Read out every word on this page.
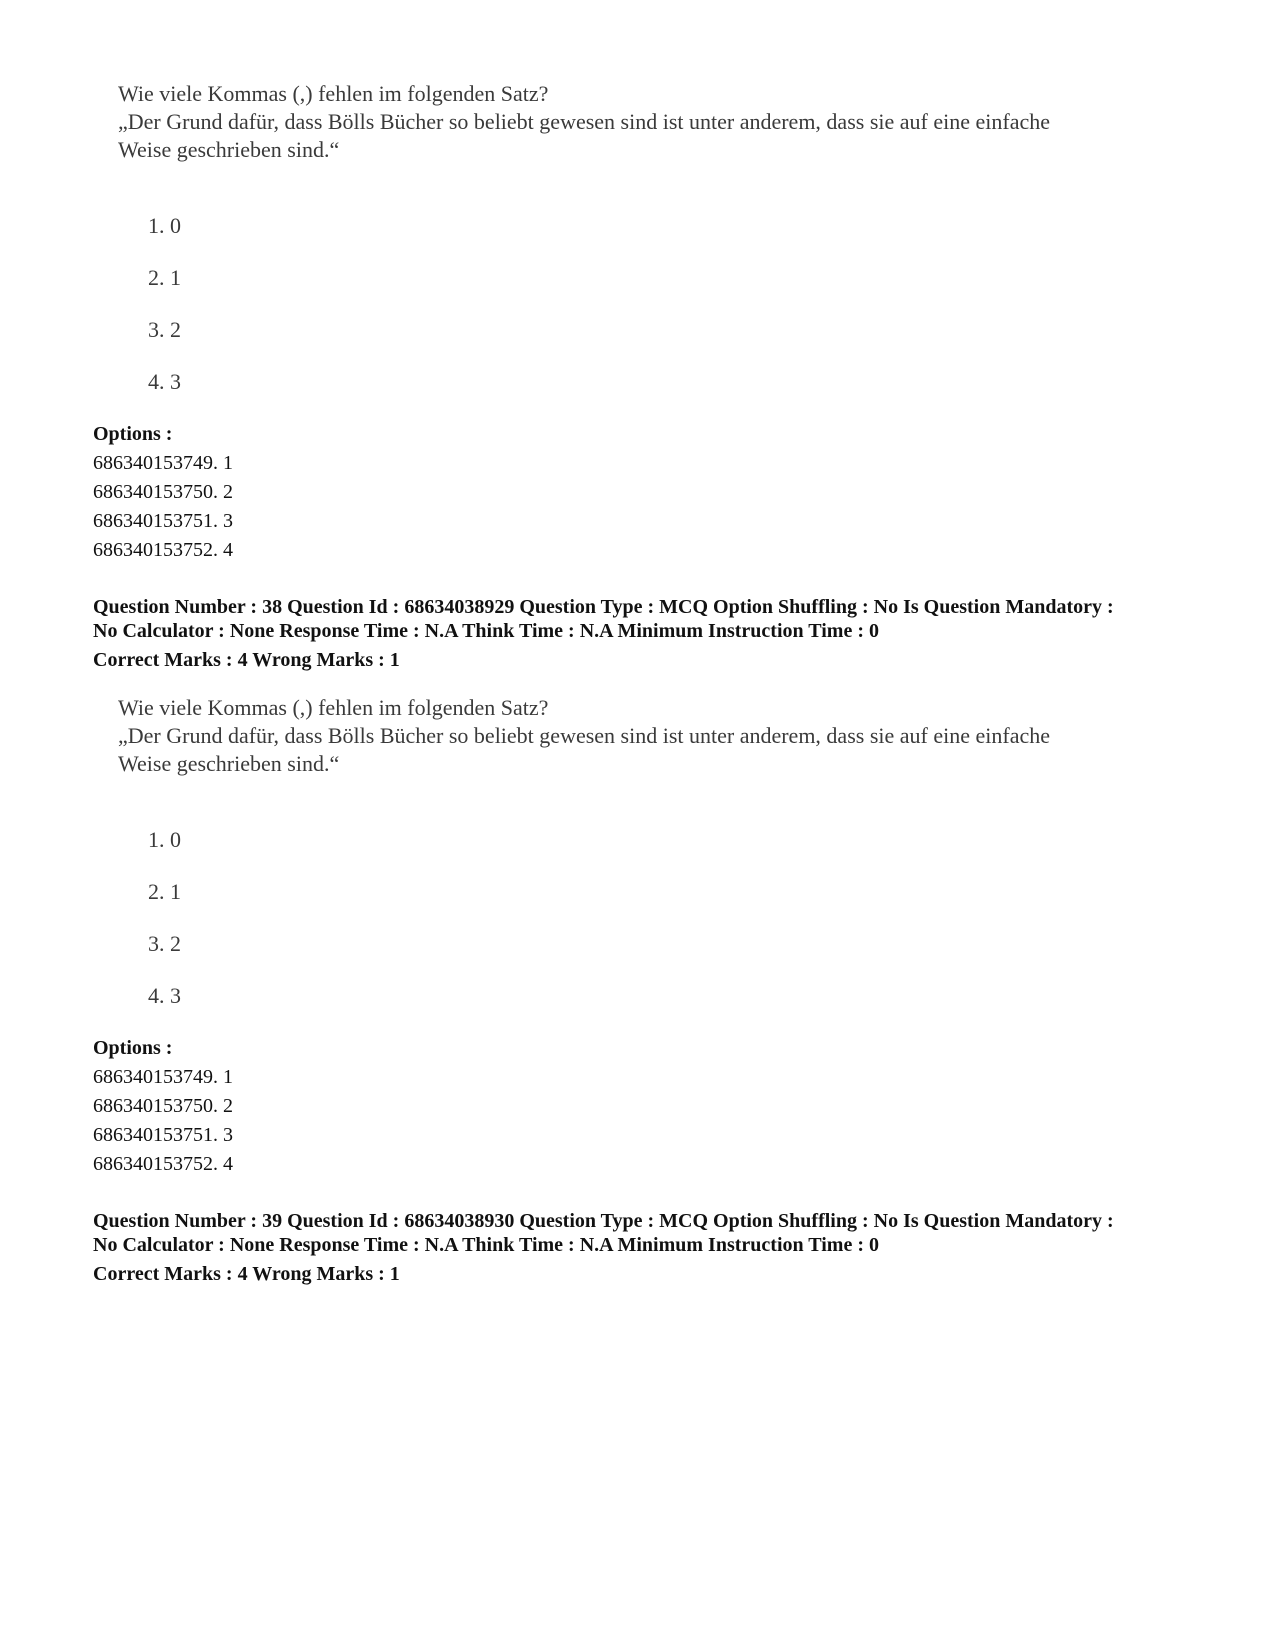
Wie viele Kommas (,) fehlen im folgenden Satz?
„Der Grund dafür, dass Bölls Bücher so beliebt gewesen sind ist unter anderem, dass sie auf eine einfache
Weise geschrieben sind.“
1. 0
2. 1
3. 2
4. 3
Options :
686340153749. 1
686340153750. 2
686340153751. 3
686340153752. 4
Question Number : 38 Question Id : 68634038929 Question Type : MCQ Option Shuffling : No Is Question Mandatory :
No Calculator : None Response Time : N.A Think Time : N.A Minimum Instruction Time : 0
Correct Marks : 4 Wrong Marks : 1
Wie viele Kommas (,) fehlen im folgenden Satz?
„Der Grund dafür, dass Bölls Bücher so beliebt gewesen sind ist unter anderem, dass sie auf eine einfache
Weise geschrieben sind.“
1. 0
2. 1
3. 2
4. 3
Options :
686340153749. 1
686340153750. 2
686340153751. 3
686340153752. 4
Question Number : 39 Question Id : 68634038930 Question Type : MCQ Option Shuffling : No Is Question Mandatory :
No Calculator : None Response Time : N.A Think Time : N.A Minimum Instruction Time : 0
Correct Marks : 4 Wrong Marks : 1
